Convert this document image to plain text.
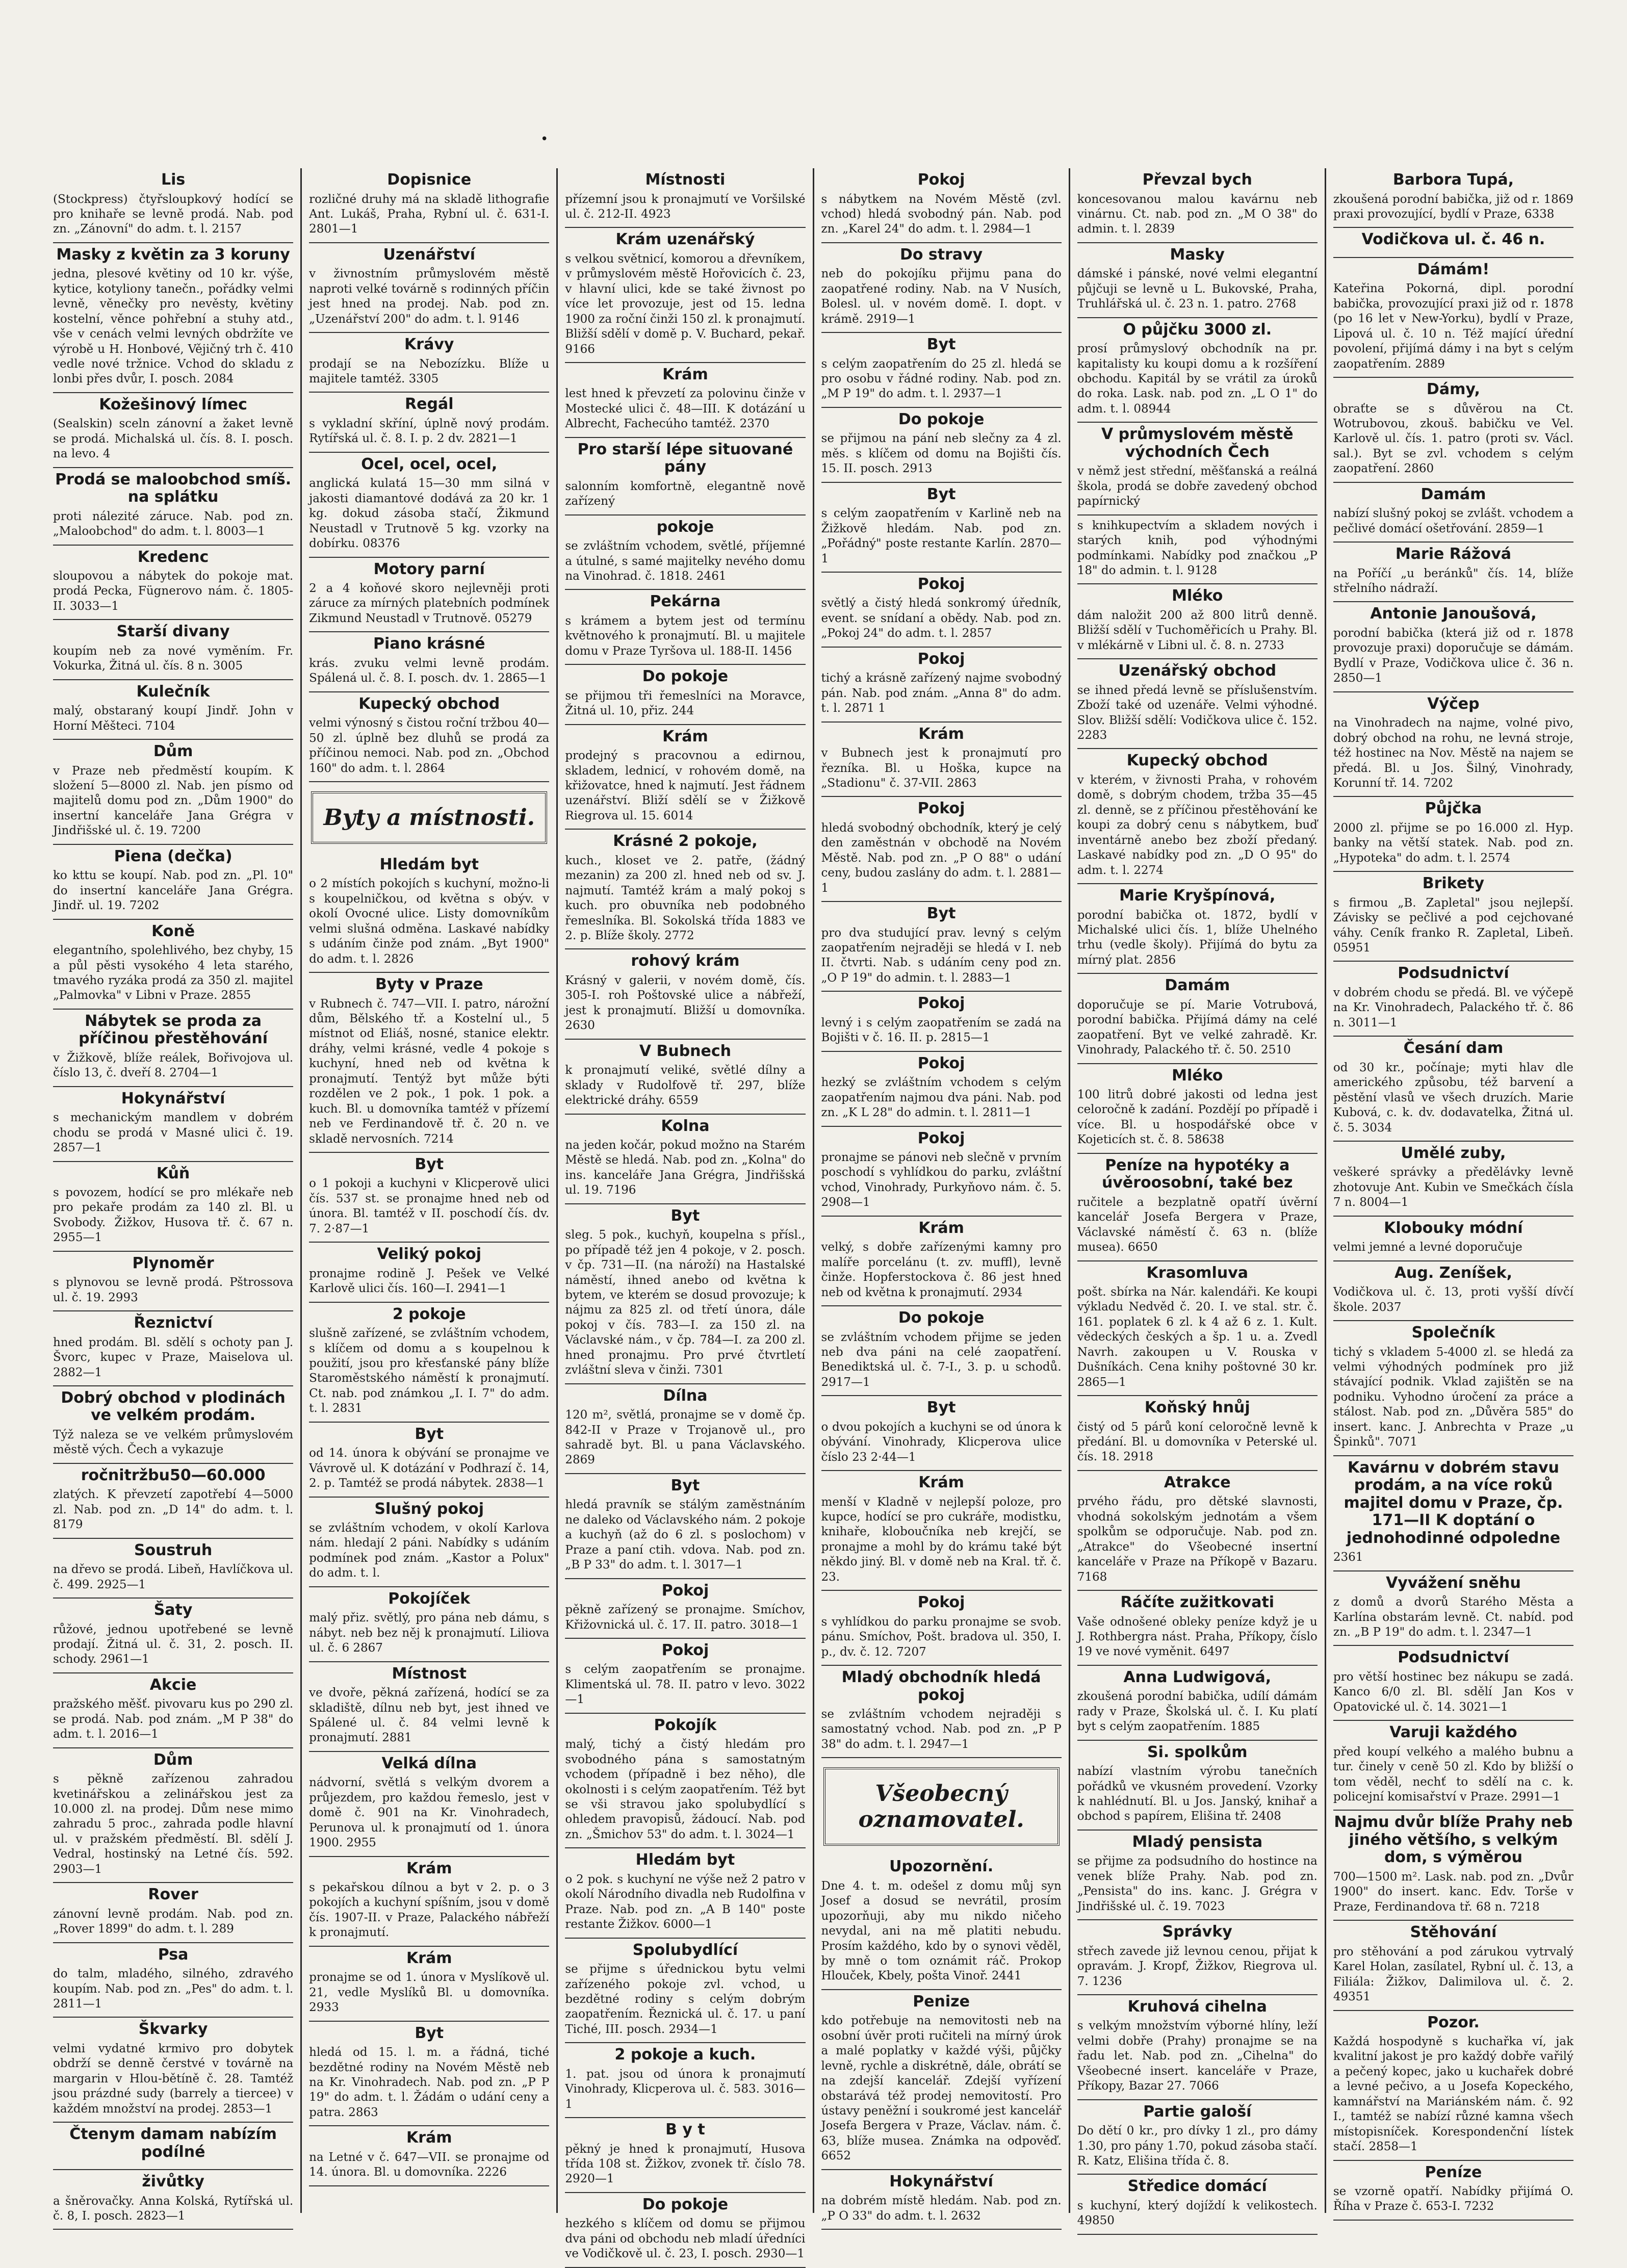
•
Lis

(Stockpress) čtyřsloupkový hodící se pro knihaře se levně prodá. Nab. pod zn. „Zánovní" do adm. t. l. 2157

Masky z květin za 3 koruny

jedna, plesové květiny od 10 kr. výše, kytice, kotyliony tanečn., pořádky velmi levně, věnečky pro nevěsty, květiny kostelní, věnce pohřební a stuhy atd., vše v cenách velmi levných obdržíte ve výrobě u H. Honbové, Vějičný trh č. 410 vedle nové tržnice. Vchod do skladu z lonbi přes dvůr, I. posch. 2084

Kožešinový límec

(Sealskin) sceln zánovní a žaket levně se prodá. Michalská ul. čís. 8. I. posch. na levo. 4

Prodá se maloobchod smíš. na splátku

proti nálezité záruce. Nab. pod zn. „Maloobchod" do adm. t. l. 8003—1

Kredenc

sloupovou a nábytek do pokoje mat. prodá Pecka, Fügnerovo nám. č. 1805-II. 3033—1

Starší divany

koupím neb za nové vyměním. Fr. Vokurka, Žitná ul. čís. 8 n. 3005

Kulečník

malý, obstaraný koupí Jindř. John v Horní Měšteci. 7104

Dům

v Praze neb předměstí koupím. K složení 5—8000 zl. Nab. jen písmo od majitelů domu pod zn. „Dům 1900" do insertní kanceláře Jana Grégra v Jindřišské ul. č. 19. 7200

Piena (dečka)

ko kttu se koupí. Nab. pod zn. „Pl. 10" do insertní kanceláře Jana Grégra. Jindř. ul. 19. 7202

Koně

elegantního, spolehlivého, bez chyby, 15 a půl pěsti vysokého 4 leta starého, tmavého ryzáka prodá za 350 zl. majitel „Palmovka" v Libni v Praze. 2855

Nábytek se proda za příčinou přestěhování

v Žižkově, blíže reálek, Bořivojova ul. číslo 13, č. dveří 8. 2704—1

Hokynářství

s mechanickým mandlem v dobrém chodu se prodá v Masné ulici č. 19. 2857—1

Kůň

s povozem, hodící se pro mlékaře neb pro pekaře prodám za 140 zl. Bl. u Svobody. Žižkov, Husova tř. č. 67 n. 2955—1

Plynoměr

s plynovou se levně prodá. Pštrossova ul. č. 19. 2993

Řeznictví

hned prodám. Bl. sdělí s ochoty pan J. Švorc, kupec v Praze, Maiselova ul. 2882—1

Dobrý obchod v plodinách ve velkém prodám.

Týž naleza se ve velkém průmyslovém městě vých. Čech a vykazuje

ročnitržbu50—60.000

zlatých. K převzetí zapotřebí 4—5000 zl. Nab. pod zn. „D 14" do adm. t. l. 8179

Soustruh

na dřevo se prodá. Libeň, Havlíčkova ul. č. 499. 2925—1

Šaty

růžové, jednou upotřebené se levně prodají. Žitná ul. č. 31, 2. posch. II. schody. 2961—1

Akcie

pražského měšť. pivovaru kus po 290 zl. se prodá. Nab. pod znám. „M P 38" do adm. t. l. 2016—1

Dům

s pěkně zařízenou zahradou kvetinářskou a zelinářskou jest za 10.000 zl. na prodej. Dům nese mimo zahradu 5 proc., zahrada podle hlavní ul. v pražském předměstí. Bl. sdělí J. Vedral, hostinský na Letné čís. 592. 2903—1

Rover

zánovní levně prodám. Nab. pod zn. „Rover 1899" do adm. t. l. 289

Psa

do talm, mladého, silného, zdravého koupím. Nab. pod zn. „Pes" do adm. t. l. 2811—1

Škvarky

velmi vydatné krmivo pro dobytek obdrží se denně čerstvé v továrně na margarin v Hlou-bětíně č. 28. Tamtéž jsou prázdné sudy (barrely a tiercee) v každém množství na prodej. 2853—1

Čtenym damam nabízím podílné
živůtky

a šněrovačky. Anna Kolská, Rytířská ul. č. 8, I. posch. 2823—1

Dopisnice

rozličné druhy má na skladě lithografie Ant. Lukáš, Praha, Rybní ul. č. 631-I. 2801—1

Uzenářství

v živnostním průmyslovém městě naproti velké továrně s rodinných příčin jest hned na prodej. Nab. pod zn. „Uzenářství 200" do adm. t. l. 9146

Krávy

prodají se na Nebozízku. Blíže u majitele tamtéž. 3305

Regál

s vykladní skříní, úplně nový prodám. Rytířská ul. č. 8. I. p. 2 dv. 2821—1

Ocel, ocel, ocel,

anglická kulatá 15—30 mm silná v jakosti diamantové dodává za 20 kr. 1 kg. dokud zásoba stačí, Žikmund Neustadl v Trutnově 5 kg. vzorky na dobírku. 08376

Motory parní

2 a 4 koňové skoro nejlevněji proti záruce za mírných platebních podmínek Zikmund Neustadl v Trutnově. 05279

Piano krásné

krás. zvuku velmi levně prodám. Spálená ul. č. 8. I. posch. dv. 1. 2865—1

Kupecký obchod

velmi výnosný s čistou roční tržbou 40—50 zl. úplně bez dluhů se prodá za příčinou nemoci. Nab. pod zn. „Obchod 160" do adm. t. l. 2864

Byty a místnosti.
Hledám byt

o 2 místích pokojích s kuchyní, možno-li s koupelničkou, od května s obýv. v okolí Ovocné ulice. Listy domovníkům velmi slušná odměna. Laskavé nabídky s udáním činže pod znám. „Byt 1900" do adm. t. l. 2826

Byty v Praze

v Rubnech č. 747—VII. I. patro, nárožní dům, Bělského tř. a Kostelní ul., 5 místnot od Eliáš, nosné, stanice elektr. dráhy, velmi krásné, vedle 4 pokoje s kuchyní, hned neb od května k pronajmutí. Tentýž byt může býti rozdělen ve 2 pok., 1 pok. 1 pok. a kuch. Bl. u domovníka tamtéž v přízemí neb ve Ferdinandově tř. č. 20 n. ve skladě nervosních. 7214

Byt

o 1 pokoji a kuchyni v Klicperově ulici čís. 537 st. se pronajme hned neb od února. Bl. tamtéž v II. poschodí čís. dv. 7. 2·87—1

Veliký pokoj

pronajme rodině J. Pešek ve Velké Karlově ulici čís. 160—I. 2941—1

2 pokoje

slušně zařízené, se zvláštním vchodem, s klíčem od domu a s koupelnou k použití, jsou pro křesťanské pány blíže Staroměstského náměstí k pronajmutí. Ct. nab. pod známkou „I. I. 7" do adm. t. l. 2831

Byt

od 14. února k obývání se pronajme ve Vávrově ul. K dotázání v Podhrazí č. 14, 2. p. Tamtéž se prodá nábytek. 2838—1

Slušný pokoj

se zvláštním vchodem, v okolí Karlova nám. hledají 2 páni. Nabídky s udáním podmínek pod znám. „Kastor a Polux" do adm. t. l.

Pokojíček

malý přiz. světlý, pro pána neb dámu, s nábyt. neb bez něj k pronajmutí. Liliova ul. č. 6 2867

Místnost

ve dvoře, pěkná zařízená, hodící se za skladiště, dílnu neb byt, jest ihned ve Spálené ul. č. 84 velmi levně k pronajmutí. 2881

Velká dílna

nádvorní, světlá s velkým dvorem a průjezdem, pro každou řemeslo, jest v domě č. 901 na Kr. Vinohradech, Perunova ul. k pronajmutí od 1. února 1900. 2955

Krám

s pekařskou dílnou a byt v 2. p. o 3 pokojích a kuchyní spíšním, jsou v domě čís. 1907-II. v Praze, Palackého nábřeží k pronajmutí.

Krám

pronajme se od 1. února v Myslíkově ul. 21, vedle Myslíků Bl. u domovníka. 2933

Byt

hledá od 15. l. m. a řádná, tiché bezdětné rodiny na Novém Městě neb na Kr. Vinohradech. Nab. pod zn. „P P 19" do adm. t. l. Žádám o udání ceny a patra. 2863

Krám

na Letné v č. 647—VII. se pronajme od 14. února. Bl. u domovníka. 2226

Místnosti

přízemní jsou k pronajmutí ve Voršilské ul. č. 212-II. 4923

Krám uzenářský

s velkou světnicí, komorou a dřevníkem, v průmyslovém městě Hořovicích č. 23, v hlavní ulici, kde se také živnost po více let provozuje, jest od 15. ledna 1900 za roční činži 150 zl. k pronajmutí. Bližší sdělí v domě p. V. Buchard, pekař. 9166

Krám

lest hned k převzetí za polovinu činže v Mostecké ulici č. 48—III. K dotázání u Albrecht, Fachecúho tamtéž. 2370

Pro starší lépe situované pány

salonním komfortně, elegantně nově zařízený

pokoje

se zvláštním vchodem, světlé, příjemné a útulné, s samé majitelky nevého domu na Vinohrad. č. 1818. 2461

Pekárna

s krámem a bytem jest od termínu květnového k pronajmutí. Bl. u majitele domu v Praze Tyršova ul. 188-II. 1456

Do pokoje

se přijmou tři řemeslníci na Moravce, Žitná ul. 10, přiz. 244

Krám

prodejný s pracovnou a edirnou, skladem, lednicí, v rohovém domě, na křižovatce, hned k najmutí. Jest řádnem uzenářství. Bliží sdělí se v Žižkově Riegrova ul. 15. 6014

Krásné 2 pokoje,

kuch., kloset ve 2. patře, (žádný mezanin) za 200 zl. hned neb od sv. J. najmutí. Tamtéž krám a malý pokoj s kuch. pro obuvníka neb podobného řemeslníka. Bl. Sokolská třída 1883 ve 2. p. Blíže školy. 2772

rohový krám

Krásný v galerii, v novém domě, čís. 305-I. roh Poštovské ulice a nábřeží, jest k pronajmutí. Bližší u domovníka. 2630

V Bubnech

k pronajmutí veliké, světlé dílny a sklady v Rudolfově tř. 297, blíže elektrické dráhy. 6559

Kolna

na jeden kočár, pokud možno na Starém Městě se hledá. Nab. pod zn. „Kolna" do ins. kanceláře Jana Grégra, Jindřišská ul. 19. 7196

Byt

sleg. 5 pok., kuchyň, koupelna s přísl., po případě též jen 4 pokoje, v 2. posch. v čp. 731—II. (na nároží) na Hastalské náměstí, ihned anebo od května k bytem, ve kterém se dosud provozuje; k nájmu za 825 zl. od třetí února, dále pokoj v čís. 783—I. za 150 zl. na Václavské nám., v čp. 784—I. za 200 zl. hned pronajmu. Pro prvé čtvrtletí zvláštní sleva v činži. 7301

Dílna

120 m², světlá, pronajme se v domě čp. 842-II v Praze v Trojanově ul., pro sahradě byt. Bl. u pana Václavského. 2869

Byt

hledá pravník se stálým zaměstnáním ne daleko od Václavského nám. 2 pokoje a kuchyň (až do 6 zl. s poslochom) v Praze a paní ctih. vdova. Nab. pod zn. „B P 33" do adm. t. l. 3017—1

Pokoj

pěkně zařízený se pronajme. Smíchov, Křižovnická ul. č. 17. II. patro. 3018—1

Pokoj

s celým zaopatřením se pronajme. Klimentská ul. 78. II. patro v levo. 3022—1

Pokojík

malý, tichý a čistý hledám pro svobodného pána s samostatným vchodem (případně i bez něho), dle okolnosti i s celým zaopatřením. Též byt se vši stravou jako spolubydlící s ohledem pravopisů, žádoucí. Nab. pod zn. „Šmichov 53" do adm. t. l. 3024—1

Hledám byt

o 2 pok. s kuchyní ne výše než 2 patro v okolí Národního divadla neb Rudolfina v Praze. Nab. pod zn. „A B 140" poste restante Žižkov. 6000—1

Spolubydlící

se přijme s úřednickou bytu velmi zařízeného pokoje zvl. vchod, u bezdětné rodiny s celým dobrým zaopatřením. Řeznická ul. č. 17. u paní Tiché, III. posch. 2934—1

2 pokoje a kuch.

1. pat. jsou od února k pronajmutí Vinohrady, Klicperova ul. č. 583. 3016—1

B y t

pěkný je hned k pronajmutí, Husova třída 108 st. Žižkov, zvonek tř. číslo 78. 2920—1

Do pokoje

hezkého s klíčem od domu se přijmou dva páni od obchodu neb mladí úředníci ve Vodičkově ul. č. 23, I. posch. 2930—1

Pokoj

s nábytkem na Novém Městě (zvl. vchod) hledá svobodný pán. Nab. pod zn. „Karel 24" do adm. t. l. 2984—1

Do stravy

neb do pokojíku přijmu pana do zaopatřené rodiny. Nab. na V Nusích, Bolesl. ul. v novém domě. I. dopt. v krámě. 2919—1

Byt

s celým zaopatřením do 25 zl. hledá se pro osobu v řádné rodiny. Nab. pod zn. „M P 19" do adm. t. l. 2937—1

Do pokoje

se přijmou na pání neb slečny za 4 zl. měs. s klíčem od domu na Bojišti čís. 15. II. posch. 2913

Byt

s celým zaopatřením v Karlině neb na Žižkově hledám. Nab. pod zn. „Pořádný" poste restante Karlín. 2870—1

Pokoj

světlý a čistý hledá sonkromý úředník, event. se snídaní a obědy. Nab. pod zn. „Pokoj 24" do adm. t. l. 2857

Pokoj

tichý a krásně zařízený najme svobodný pán. Nab. pod znám. „Anna 8" do adm. t. l. 2871 1

Krám

v Bubnech jest k pronajmutí pro řezníka. Bl. u Hoška, kupce na „Stadionu" č. 37-VII. 2863

Pokoj

hledá svobodný obchodník, který je celý den zaměstnán v obchodě na Novém Městě. Nab. pod zn. „P O 88" o udání ceny, budou zaslány do adm. t. l. 2881—1

Byt

pro dva studující prav. levný s celým zaopatřením nejraději se hledá v I. neb II. čtvrti. Nab. s udáním ceny pod zn. „O P 19" do admin. t. l. 2883—1

Pokoj

levný i s celým zaopatřením se zadá na Bojišti v č. 16. II. p. 2815—1

Pokoj

hezký se zvláštním vchodem s celým zaopatřením najmou dva páni. Nab. pod zn. „K L 28" do admin. t. l. 2811—1

Pokoj

pronajme se pánovi neb slečně v prvním poschodí s vyhlídkou do parku, zvláštní vchod, Vinohrady, Purkyňovo nám. č. 5. 2908—1

Krám

velký, s dobře zařízenými kamny pro malíře porcelánu (t. zv. muffl), levně činže. Hopferstockova č. 86 jest hned neb od května k pronajmutí. 2934

Do pokoje

se zvláštním vchodem přijme se jeden neb dva páni na celé zaopatření. Benediktská ul. č. 7-I., 3. p. u schodů. 2917—1

Byt

o dvou pokojích a kuchyni se od února k obývání. Vinohrady, Klicperova ulice číslo 23 2·44—1

Krám

menší v Kladně v nejlepší poloze, pro kupce, hodící se pro cukráře, modistku, knihaře, kloboučníka neb krejčí, se pronajme a mohl by do krámu také být někdo jiný. Bl. v domě neb na Kral. tř. č. 23.

Pokoj

s vyhlídkou do parku pronajme se svob. pánu. Smíchov, Pošt. bradova ul. 350, I. p., dv. č. 12. 7207

Mladý obchodník hledá pokoj

se zvláštním vchodem nejraději s samostatný vchod. Nab. pod zn. „P P 38" do adm. t. l. 2947—1

Všeobecný oznamovatel.
Upozornění.

Dne 4. t. m. odešel z domu můj syn Josef a dosud se nevrátil, prosím upozorňuji, aby mu nikdo ničeho nevydal, ani na mě platiti nebudu. Prosím každého, kdo by o synovi věděl, by mně o tom oznámit ráč. Prokop Hlouček, Kbely, pošta Vinoř. 2441

Penize

kdo potřebuje na nemovitosti neb na osobní úvěr proti ručiteli na mírný úrok a malé poplatky v každé výši, půjčky levně, rychle a diskrétně, dále, obrátí se na zdejší kancelář. Zdejší vyřízení obstarává též prodej nemovitostí. Pro ústavy peněžní i soukromé jest kancelář Josefa Bergera v Praze, Václav. nám. č. 63, blíže musea. Známka na odpověď. 6652

Hokynářství

na dobrém místě hledám. Nab. pod zn. „P O 33" do adm. t. l. 2632

Převzal bych

koncesovanou malou kavárnu neb vinárnu. Ct. nab. pod zn. „M O 38" do admin. t. l. 2839

Masky

dámské i pánské, nové velmi elegantní půjčuji se levně u L. Bukovské, Praha, Truhlářská ul. č. 23 n. 1. patro. 2768

O půjčku 3000 zl.

prosí průmyslový obchodník na pr. kapitalisty ku koupi domu a k rozšíření obchodu. Kapitál by se vrátil za úroků do roka. Lask. nab. pod zn. „L O 1" do adm. t. l. 08944

V průmyslovém městě východních Čech

v němž jest střední, měšťanská a reálná škola, prodá se dobře zavedený obchod papírnický

s knihkupectvím a skladem nových i starých knih, pod výhodnými podmínkami. Nabídky pod značkou „P 18" do admin. t. l. 9128

Mléko

dám naložit 200 až 800 litrů denně. Bližší sdělí v Tuchoměřicích u Prahy. Bl. v mlékárně v Libni ul. č. 8. n. 2733

Uzenářský obchod

se ihned předá levně se příslušenstvím. Zboží také od uzenáře. Velmi výhodné. Slov. Bližší sdělí: Vodičkova ulice č. 152. 2283

Kupecký obchod

v kterém, v živnosti Praha, v rohovém domě, s dobrým chodem, tržba 35—45 zl. denně, se z příčinou přestěhování ke koupi za dobrý cenu s nábytkem, buď inventárně anebo bez zboží předaný. Laskavé nabídky pod zn. „D O 95" do adm. t. l. 2274

Marie Kryšpínová,

porodní babička ot. 1872, bydlí v Michalské ulici čís. 1, blíže Uhelného trhu (vedle školy). Přijímá do bytu za mírný plat. 2856

Damám

doporučuje se pí. Marie Votrubová, porodní babička. Přijímá dámy na celé zaopatření. Byt ve velké zahradě. Kr. Vinohrady, Palackého tř. č. 50. 2510

Mléko

100 litrů dobré jakosti od ledna jest celoročně k zadání. Pozdějí po případě i více. Bl. u hospodářské obce v Kojeticích st. č. 8. 58638

Peníze na hypotéky a úvěroosobní, také bez

ručitele a bezplatně opatří úvěrní kancelář Josefa Bergera v Praze, Václavské náměstí č. 63 n. (blíže musea). 6650

Krasomluva

pošt. sbírka na Nár. kalendáři. Ke koupi výkladu Nedvěd č. 20. I. ve stal. str. č. 161. poplatek 6 zl. k 4 až 6 z. 1. Kult. vědeckých českých a šp. 1 u. a. Zvedl Navrh. zakoupen u V. Rouska v Dušníkách. Cena knihy poštovné 30 kr. 2865—1

Koňský hnůj

čistý od 5 párů koní celoročně levně k předání. Bl. u domovníka v Peterské ul. čís. 18. 2918

Atrakce

prvého řádu, pro dětské slavnosti, vhodná sokolským jednotám a všem spolkům se odporučuje. Nab. pod zn. „Atrakce" do Všeobecné insertní kanceláře v Praze na Příkopě v Bazaru. 7168

Ráčíte zužitkovati

Vaše odnošené obleky peníze když je u J. Rothbergra nást. Praha, Příkopy, číslo 19 ve nové vyměnit. 6497

Anna Ludwigová,

zkoušená porodní babička, udílí dámám rady v Praze, Školská ul. č. I. Ku platí byt s celým zaopatřením. 1885

Si. spolkům

nabízí vlastním výrobu tanečních pořádků ve vkusném provedení. Vzorky k nahlédnutí. Bl. u Jos. Janský, knihař a obchod s papírem, Elišina tř. 2408

Mladý pensista

se přijme za podsudního do hostince na venek blíže Prahy. Nab. pod zn. „Pensista" do ins. kanc. J. Grégra v Jindřišské ul. č. 19. 7023

Správky

střech zavede již levnou cenou, přijat k opravám. J. Kropf, Žižkov, Riegrova ul. 7. 1236

Kruhová cihelna

s velkým množstvím výborné hlíny, leží velmi dobře (Prahy) pronajme se na řadu let. Nab. pod zn. „Cihelna" do Všeobecné insert. kanceláře v Praze, Příkopy, Bazar 27. 7066

Partie galoší

Do dětí 0 kr., pro dívky 1 zl., pro dámy 1.30, pro pány 1.70, pokud zásoba stačí. R. Katz, Elišina třída č. 8.

Středice domácí

s kuchyní, který dojíždí k velikostech. 49850

Barbora Tupá,

zkoušená porodní babička, již od r. 1869 praxi provozující, bydlí v Praze, 6338

Vodičkova ul. č. 46 n.
Dámám!

Kateřina Pokorná, dipl. porodní babička, provozující praxi již od r. 1878 (po 16 let v New-Yorku), bydlí v Praze, Lipová ul. č. 10 n. Též mající úřední povolení, přijímá dámy i na byt s celým zaopatřením. 2889

Dámy,

obraťte se s důvěrou na Ct. Wotrubovou, zkouš. babičku ve Vel. Karlově ul. čís. 1. patro (proti sv. Václ. sal.). Byt se zvl. vchodem s celým zaopatření. 2860

Damám

nabízí slušný pokoj se zvlášt. vchodem a pečlivé domácí ošetřování. 2859—1

Marie Rážová

na Poříčí „u beránků" čís. 14, blíže střelního nádraží.

Antonie Janoušová,

porodní babička (která již od r. 1878 provozuje praxi) doporučuje se dámám. Bydlí v Praze, Vodičkova ulice č. 36 n. 2850—1

Výčep

na Vinohradech na najme, volné pivo, dobrý obchod na rohu, ne levná stroje, též hostinec na Nov. Městě na najem se předá. Bl. u Jos. Šilný, Vinohrady, Korunní tř. 14. 7202

Půjčka

2000 zl. přijme se po 16.000 zl. Hyp. banky na větší statek. Nab. pod zn. „Hypoteka" do adm. t. l. 2574

Brikety

s firmou „B. Zapletal" jsou nejlepší. Závisky se pečlivé a pod cejchované váhy. Ceník franko R. Zapletal, Libeň. 05951

Podsudnictví

v dobrém chodu se předá. Bl. ve výčepě na Kr. Vinohradech, Palackého tř. č. 86 n. 3011—1

Česání dam

od 30 kr., počínaje; myti hlav dle amerického způsobu, též barvení a pěstění vlasů ve všech druzích. Marie Kubová, c. k. dv. dodavatelka, Žitná ul. č. 5. 3034

Umělé zuby,

veškeré správky a předělávky levně zhotovuje Ant. Kubin ve Smečkách čísla 7 n. 8004—1

Klobouky módní

velmi jemné a levné doporučuje

Aug. Zeníšek,

Vodičkova ul. č. 13, proti vyšší dívčí škole. 2037

Společník

tichý s vkladem 5-4000 zl. se hledá za velmi výhodných podmínek pro již stávající podnik. Vklad zajištěn se na podniku. Vyhodno úročení za práce a stálost. Nab. pod zn. „Důvěra 585" do insert. kanc. J. Anbrechta v Praze „u Špinků". 7071

Kavárnu v dobrém stavu prodám, a na více roků majitel domu v Praze, čp. 171—II K doptání o jednohodinné odpoledne

2361

Vyvážení sněhu

z domů a dvorů Starého Města a Karlína obstarám levně. Ct. nabíd. pod zn. „B P 19" do adm. t. l. 2347—1

Podsudnictví

pro větší hostinec bez nákupu se zadá. Kanco 6/0 zl. Bl. sdělí Jan Kos v Opatovické ul. č. 14. 3021—1

Varuji každého

před koupí velkého a malého bubnu a tur. činely v ceně 50 zl. Kdo by bližší o tom věděl, nechť to sdělí na c. k. policejní komisařství v Praze. 2991—1

Najmu dvůr blíže Prahy neb jiného většího, s velkým dom, s výměrou

700—1500 m². Lask. nab. pod zn. „Dvůr 1900" do insert. kanc. Edv. Torše v Praze, Ferdinandova tř. 68 n. 7218

Stěhování

pro stěhování a pod zárukou vytrvalý Karel Holan, zasílatel, Rybní ul. č. 13, a Filiála: Žižkov, Dalimilova ul. č. 2. 49351

Pozor.

Každá hospodyně s kuchařka ví, jak kvalitní jakost je pro každý dobře vařilý a pečený kopec, jako u kuchařek dobré a levné pečivo, a u Josefa Kopeckého, kamnářství na Mariánském nám. č. 92 I., tamtéž se nabízí různé kamna všech místopisníček. Korespondenční lístek stačí. 2858—1

Peníze

se vzorně opatří. Nabídky přijímá O. Říha v Praze č. 653-I. 7232
